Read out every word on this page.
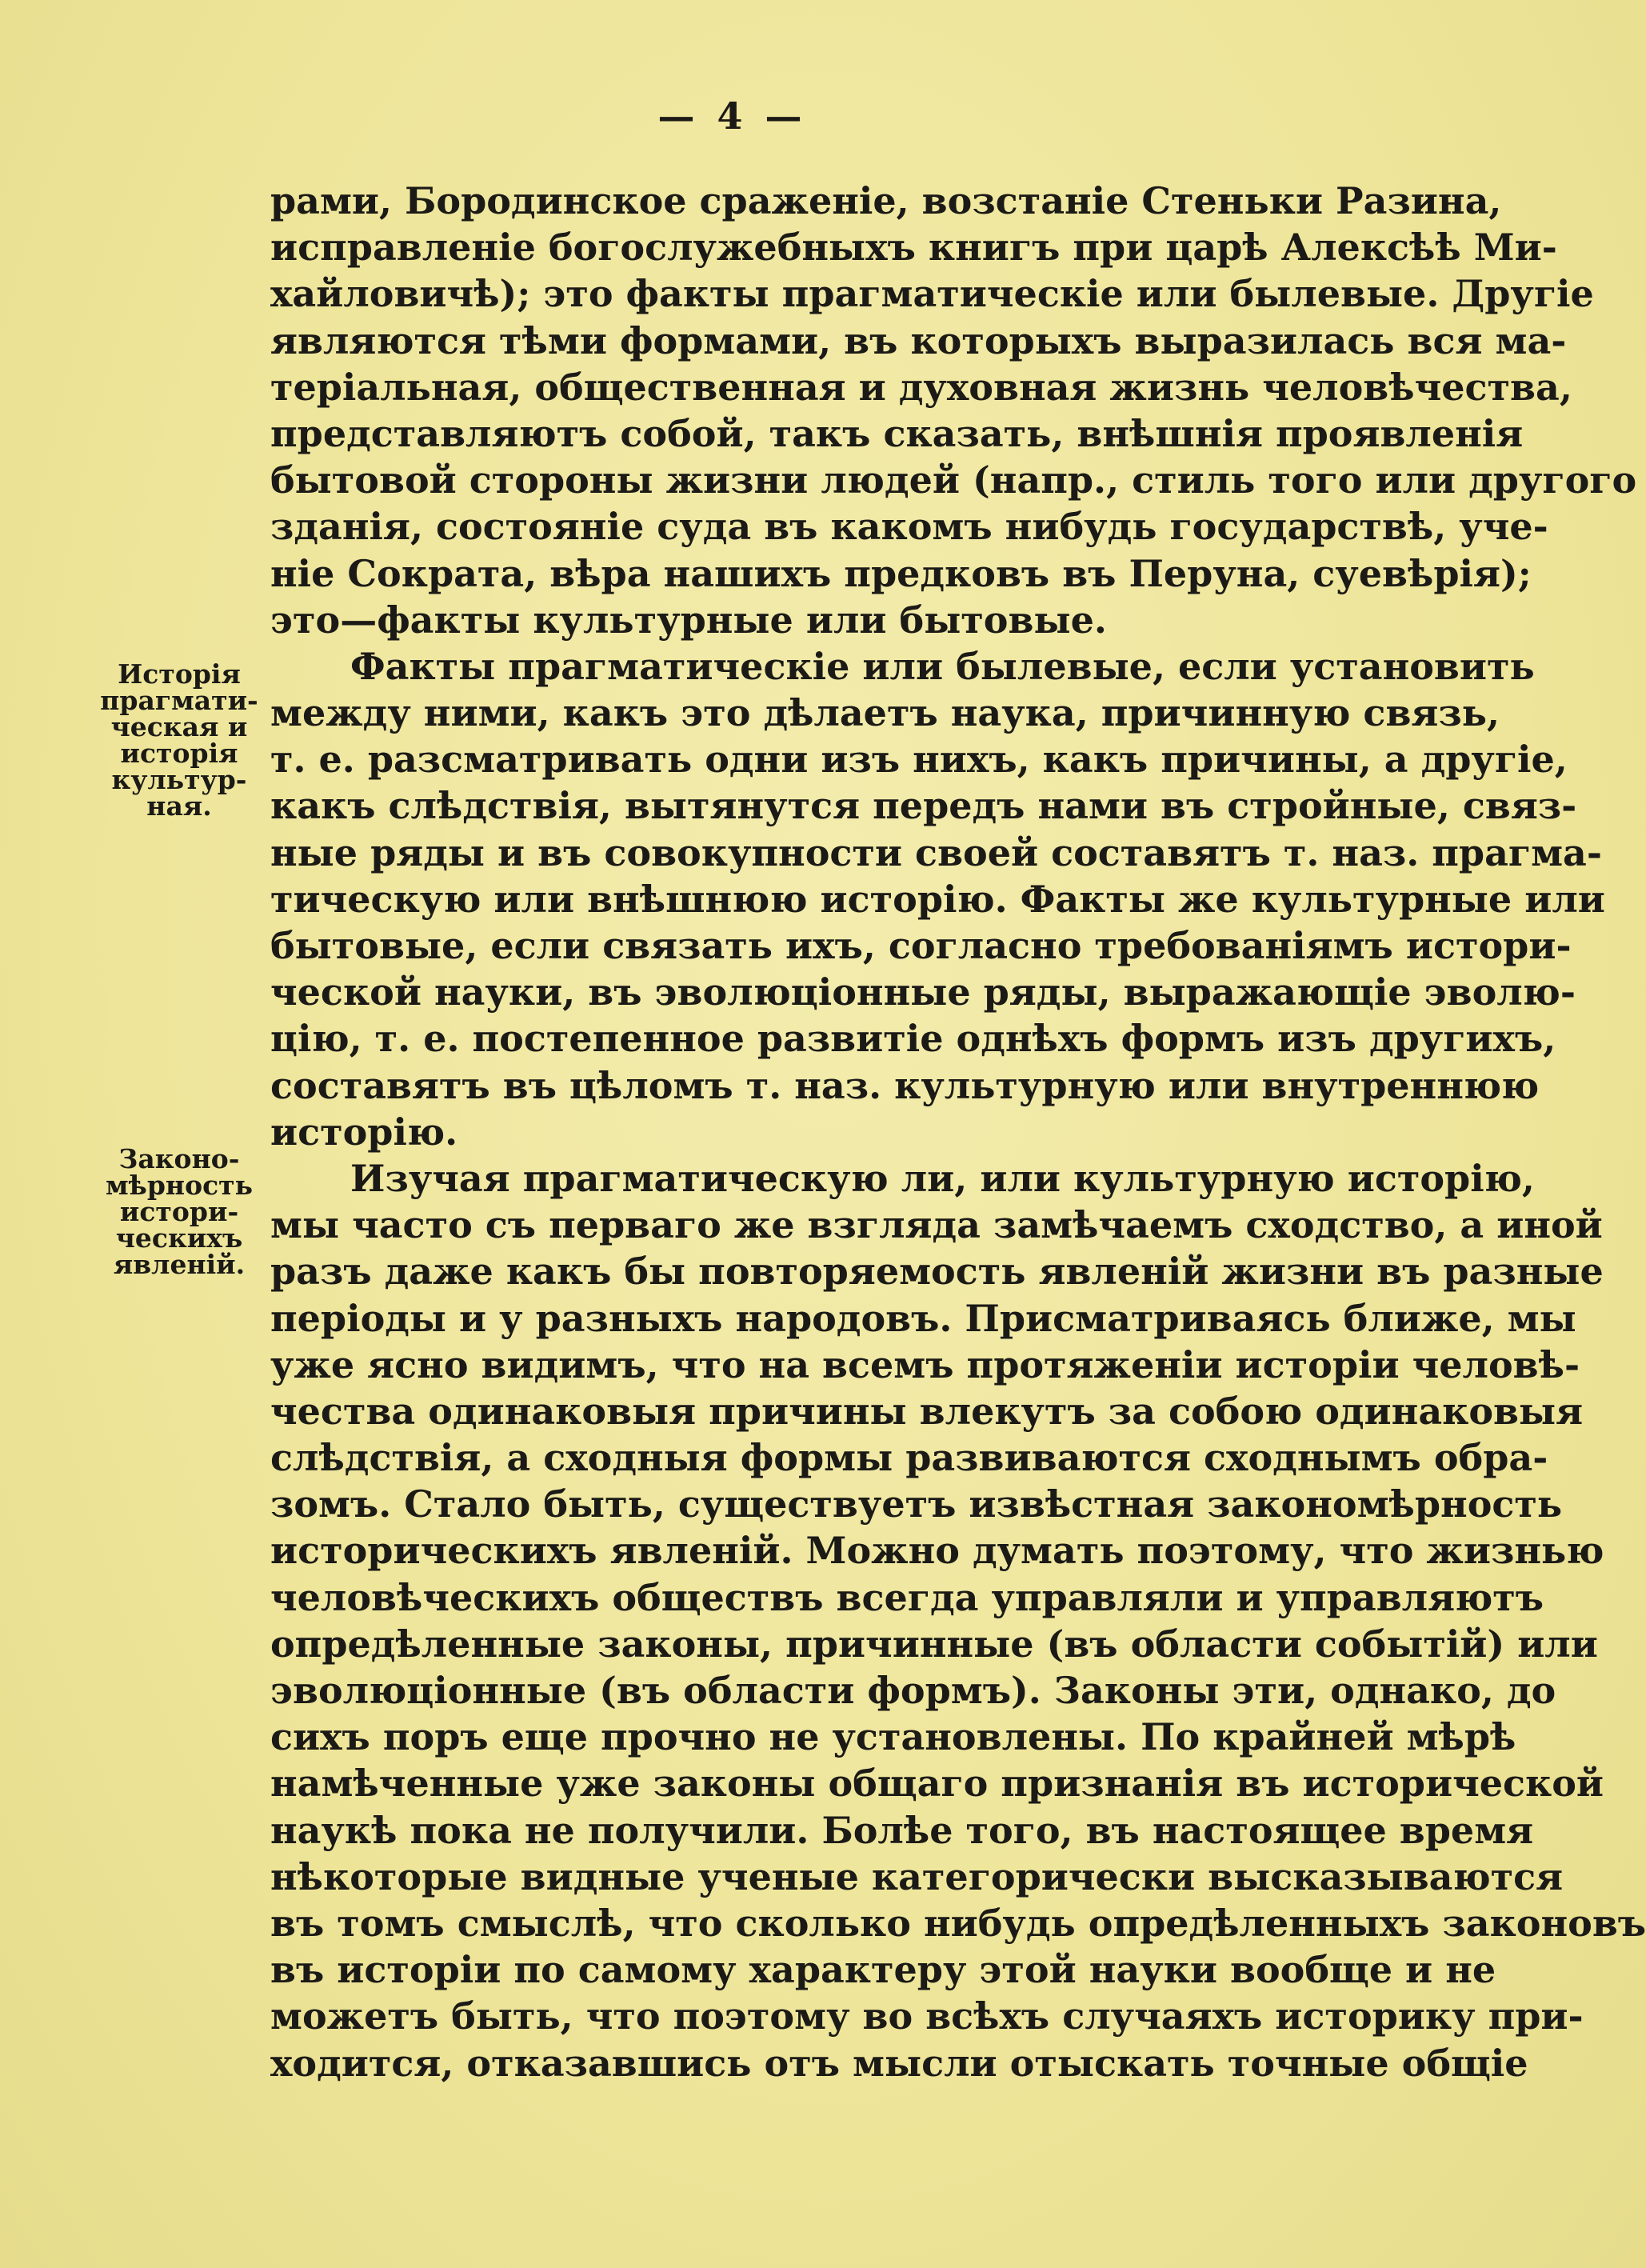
— 4 —
Исторія
прагмати-
ческая и
исторія
культур-
ная.
Законо-
мѣрность
истори-
ческихъ
явленій.
рами, Бородинское сраженіе, возстаніе Стеньки Разина,
исправленіе богослужебныхъ книгъ при царѣ Алексѣѣ Ми-
хайловичѣ); это факты прагматическіе или былевые. Другіе
являются тѣми формами, въ которыхъ выразилась вся ма-
теріальная, общественная и духовная жизнь человѣчества,
представляютъ собой, такъ сказать, внѣшнія проявленія
бытовой стороны жизни людей (напр., стиль того или другого
зданія, состояніе суда въ какомъ нибудь государствѣ, уче-
ніе Сократа, вѣра нашихъ предковъ въ Перуна, суевѣрія);
это—факты культурные или бытовые.
Факты прагматическіе или былевые, если установить
между ними, какъ это дѣлаетъ наука, причинную связь,
т. е. разсматривать одни изъ нихъ, какъ причины, а другіе,
какъ слѣдствія, вытянутся передъ нами въ стройные, связ-
ные ряды и въ совокупности своей составятъ т. наз. прагма-
тическую или внѣшнюю исторію. Факты же культурные или
бытовые, если связать ихъ, согласно требованіямъ истори-
ческой науки, въ эволюціонные ряды, выражающіе эволю-
цію, т. е. постепенное развитіе однѣхъ формъ изъ другихъ,
составятъ въ цѣломъ т. наз. культурную или внутреннюю
исторію.
Изучая прагматическую ли, или культурную исторію,
мы часто съ перваго же взгляда замѣчаемъ сходство, а иной
разъ даже какъ бы повторяемость явленій жизни въ разные
періоды и у разныхъ народовъ. Присматриваясь ближе, мы
уже ясно видимъ, что на всемъ протяженіи исторіи человѣ-
чества одинаковыя причины влекутъ за собою одинаковыя
слѣдствія, а сходныя формы развиваются сходнымъ обра-
зомъ. Стало быть, существуетъ извѣстная закономѣрность
историческихъ явленій. Можно думать поэтому, что жизнью
человѣческихъ обществъ всегда управляли и управляютъ
опредѣленные законы, причинные (въ области событій) или
эволюціонные (въ области формъ). Законы эти, однако, до
сихъ поръ еще прочно не установлены. По крайней мѣрѣ
намѣченные уже законы общаго признанія въ исторической
наукѣ пока не получили. Болѣе того, въ настоящее время
нѣкоторые видные ученые категорически высказываются
въ томъ смыслѣ, что сколько нибудь опредѣленныхъ законовъ
въ исторіи по самому характеру этой науки вообще и не
можетъ быть, что поэтому во всѣхъ случаяхъ историку при-
ходится, отказавшись отъ мысли отыскать точные общіе
